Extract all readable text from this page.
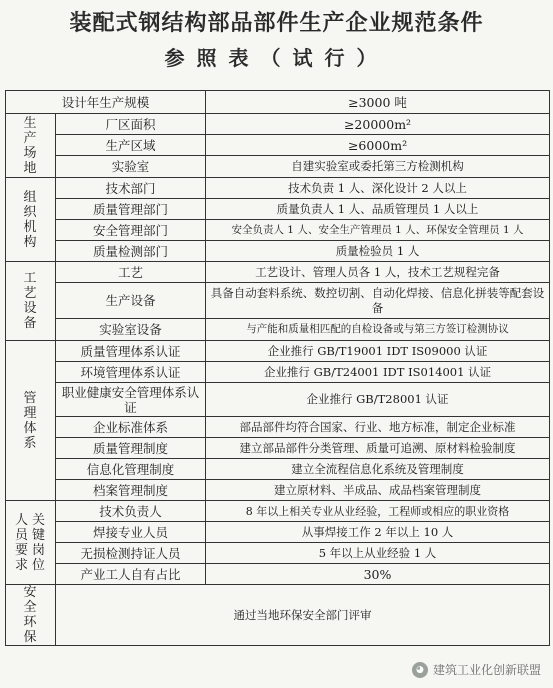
装配式钢结构部品部件生产企业规范条件
参照表（试行）
设计年生产规模		≥3000 吨
生产场地	厂区面积	≥20000m²
	生产区域	≥6000m²
	实验室	自建实验室或委托第三方检测机构
组织机构	技术部门	技术负责 1 人、深化设计 2 人以上
	质量管理部门	质量负责人 1 人、品质管理员 1 人以上
	安全管理部门	安全负责人 1 人、安全生产管理员 1 人、环保安全管理员 1 人
	质量检测部门	质量检验员 1 人
工艺设备	工艺	工艺设计、管理人员各 1 人，技术工艺规程完备
	生产设备	具备自动套料系统、数控切割、自动化焊接、信息化拼装等配套设备
	实验室设备	与产能和质量相匹配的自检设备或与第三方签订检测协议
管理体系	质量管理体系认证	企业推行 GB/T19001 IDT IS09000 认证
	环境管理体系认证	企业推行 GB/T24001 IDT IS014001 认证
	职业健康安全管理体系认证	企业推行 GB/T28001 认证
	企业标准体系	部品部件均符合国家、行业、地方标准，制定企业标准
	质量管理制度	建立部品部件分类管理、质量可追溯、原材料检验制度
	信息化管理制度	建立全流程信息化系统及管理制度
	档案管理制度	建立原材料、半成品、成品档案管理制度

人员要求
关键岗位	技术负责人	8 年以上相关专业从业经验，工程师或相应的职业资格
	焊接专业人员	从事焊接工作 2 年以上 10 人
	无损检测持证人员	5 年以上从业经验 1 人
	产业工人自有占比	30%
安全环保	通过当地环保安全部门评审	
◕ 建筑工业化创新联盟
